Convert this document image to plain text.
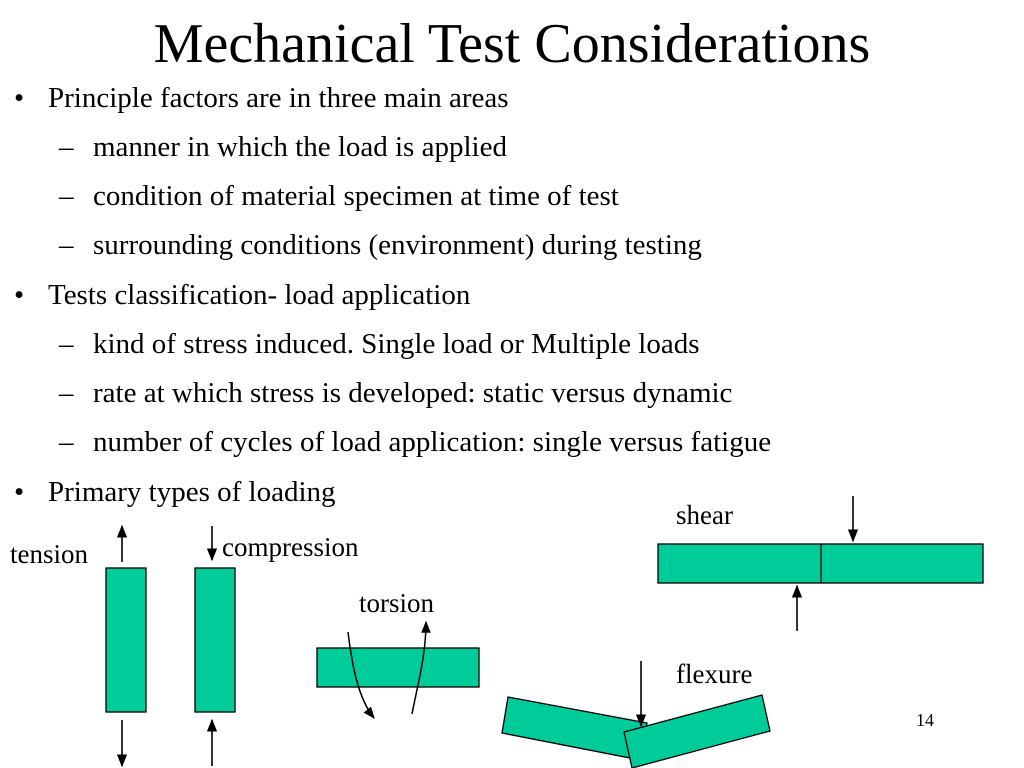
Mechanical Test Considerations
• Principle factors are in three main areas
– manner in which the load is applied
– condition of material specimen at time of test
– surrounding conditions (environment) during testing
• Tests classification- load application
– kind of stress induced. Single load or Multiple loads
– rate at which stress is developed: static versus dynamic
– number of cycles of load application: single versus fatigue
• Primary types of loading
tension	compression
torsion
shear
flexure
14
